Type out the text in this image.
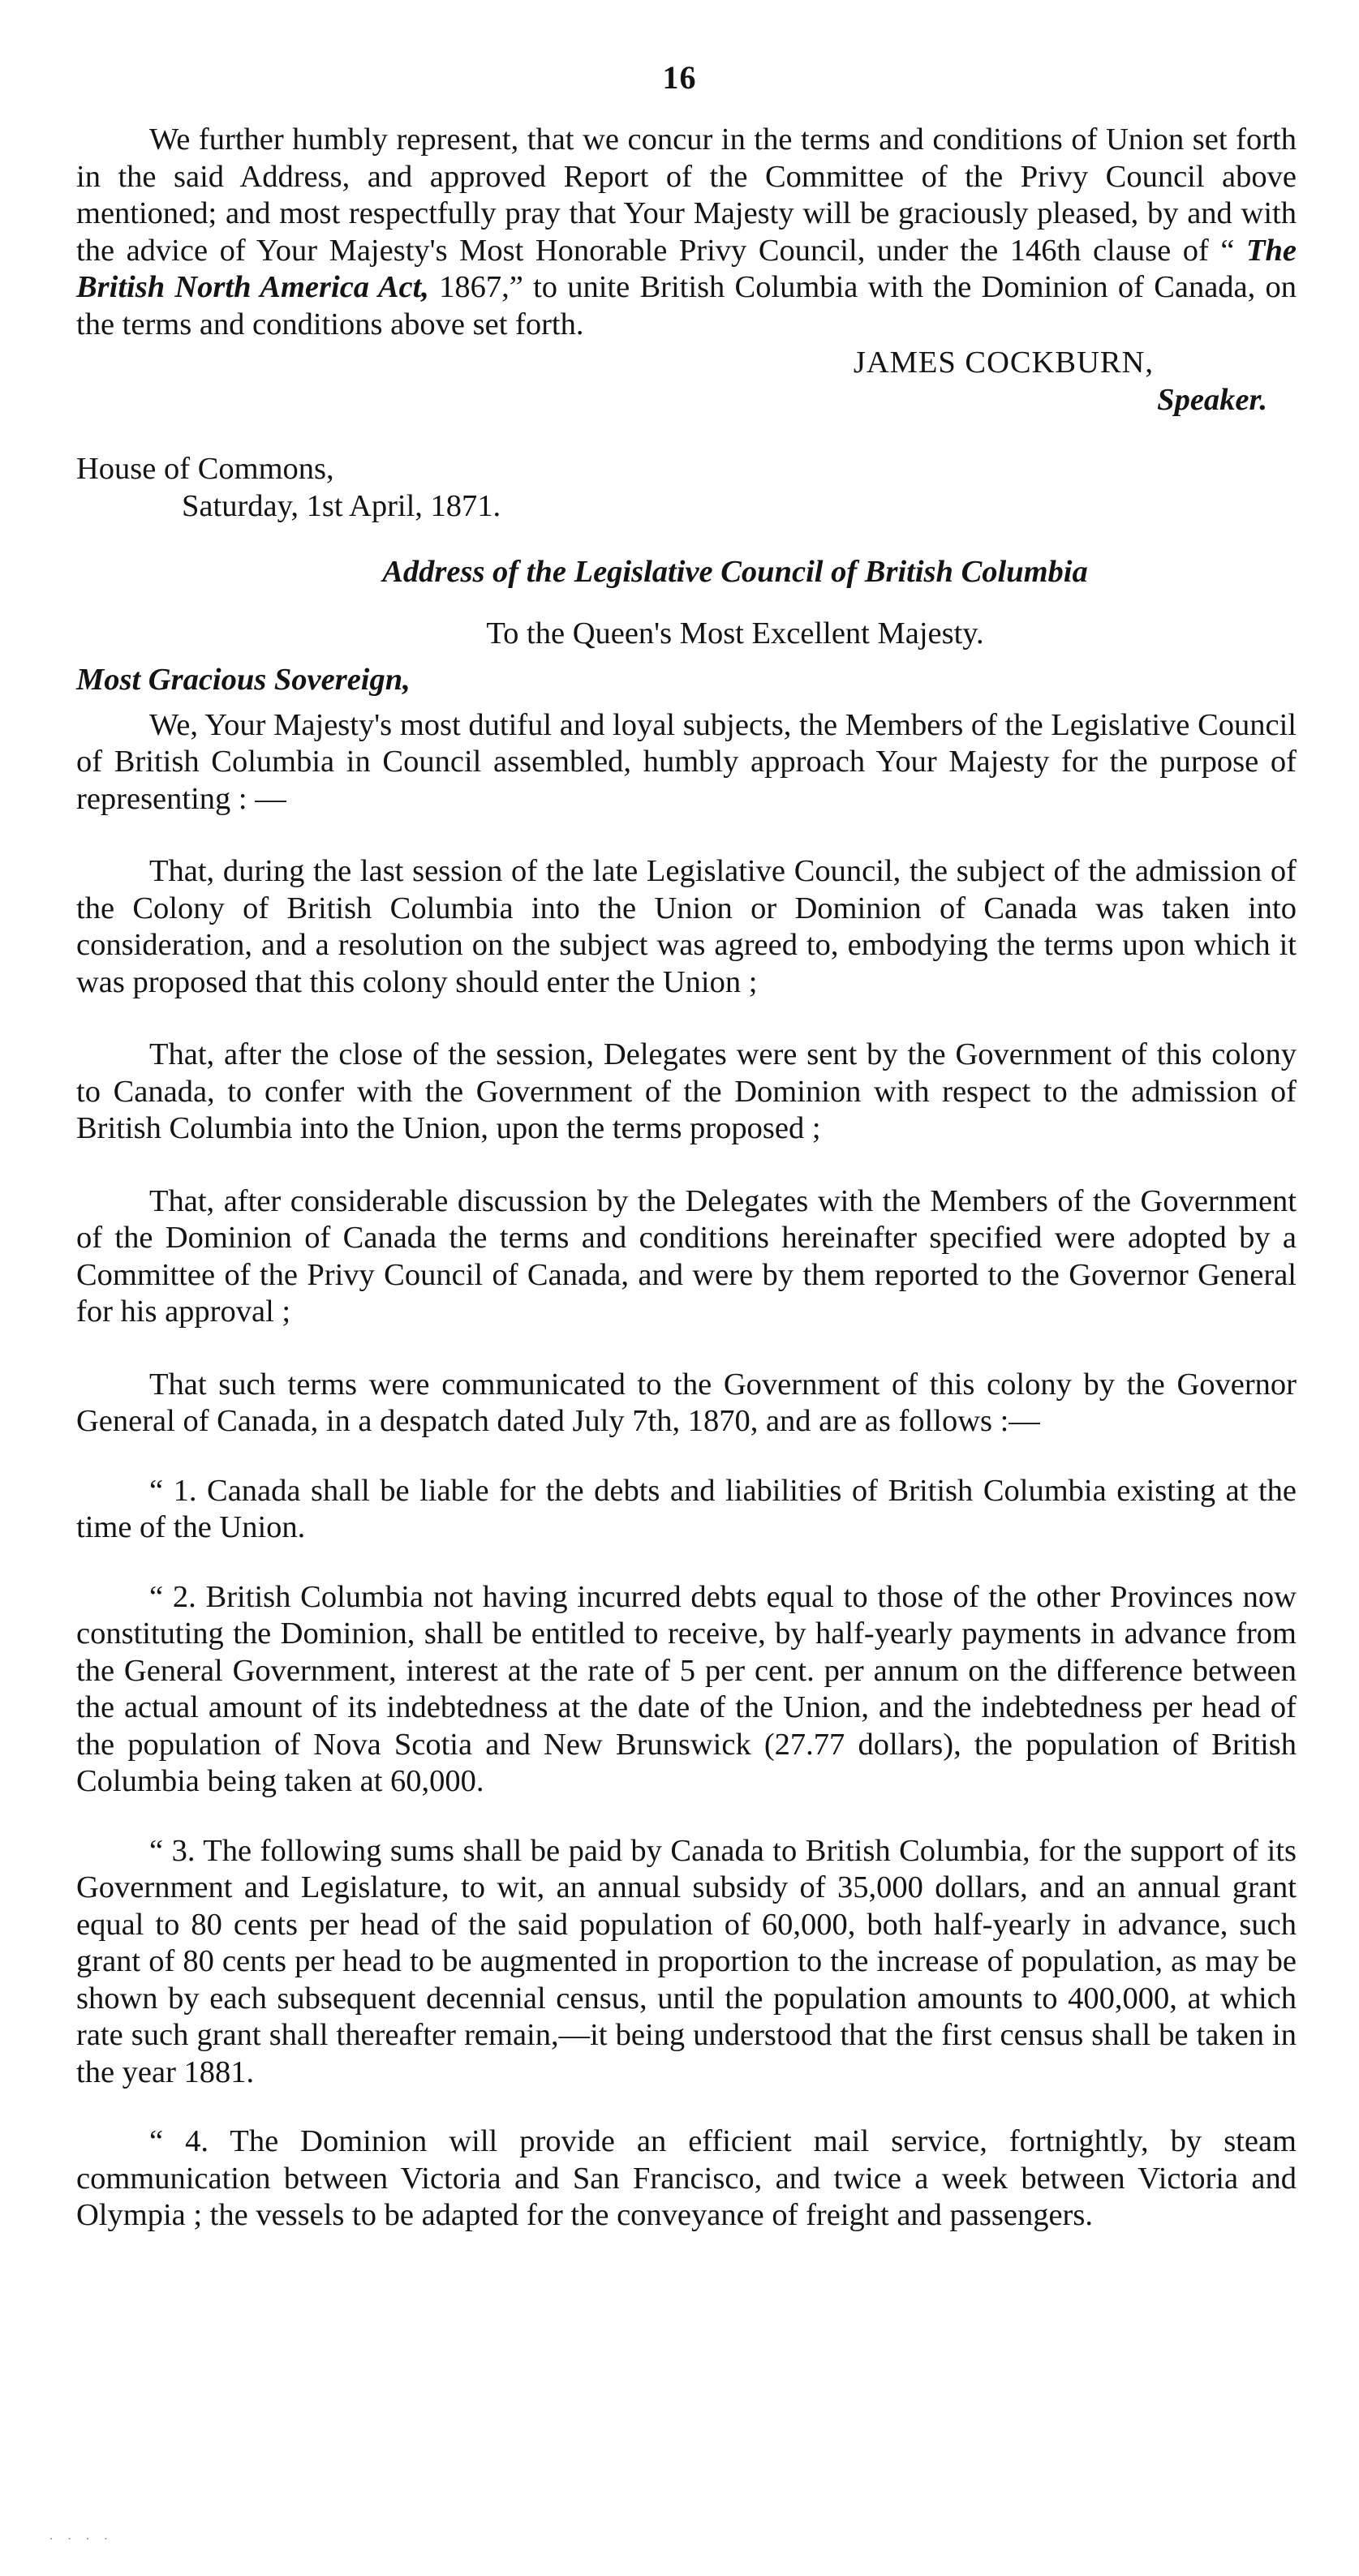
16

We further humbly represent, that we concur in the terms and conditions of Union set forth in the said Address, and approved Report of the Committee of the Privy Council above mentioned; and most respectfully pray that Your Majesty will be graciously pleased, by and with the advice of Your Majesty's Most Honorable Privy Council, under the 146th clause of “ The British North America Act, 1867,” to unite British Columbia with the Dominion of Canada, on the terms and conditions above set forth.

JAMES COCKBURN,

Speaker.

House of Commons,

Saturday, 1st April, 1871.

Address of the Legislative Council of British Columbia

To the Queen's Most Excellent Majesty.

Most Gracious Sovereign,

We, Your Majesty's most dutiful and loyal subjects, the Members of the Legislative Council of British Columbia in Council assembled, humbly approach Your Majesty for the purpose of representing : —

That, during the last session of the late Legislative Council, the subject of the admission of the Colony of British Columbia into the Union or Dominion of Canada was taken into consideration, and a resolution on the subject was agreed to, embodying the terms upon which it was proposed that this colony should enter the Union ;

That, after the close of the session, Delegates were sent by the Government of this colony to Canada, to confer with the Government of the Dominion with respect to the admission of British Columbia into the Union, upon the terms proposed ;

That, after considerable discussion by the Delegates with the Members of the Government of the Dominion of Canada the terms and conditions hereinafter specified were adopted by a Committee of the Privy Council of Canada, and were by them reported to the Governor General for his approval ;

That such terms were communicated to the Government of this colony by the Governor General of Canada, in a despatch dated July 7th, 1870, and are as follows :—

“ 1. Canada shall be liable for the debts and liabilities of British Columbia existing at the time of the Union.

“ 2. British Columbia not having incurred debts equal to those of the other Provinces now constituting the Dominion, shall be entitled to receive, by half-yearly payments in advance from the General Government, interest at the rate of 5 per cent. per annum on the difference between the actual amount of its indebtedness at the date of the Union, and the indebtedness per head of the population of Nova Scotia and New Brunswick (27.77 dollars), the population of British Columbia being taken at 60,000.

“ 3. The following sums shall be paid by Canada to British Columbia, for the support of its Government and Legislature, to wit, an annual subsidy of 35,000 dollars, and an annual grant equal to 80 cents per head of the said population of 60,000, both half-yearly in advance, such grant of 80 cents per head to be augmented in proportion to the increase of population, as may be shown by each subsequent decennial census, until the population amounts to 400,000, at which rate such grant shall thereafter remain,—it being understood that the first census shall be taken in the year 1881.

“ 4. The Dominion will provide an efficient mail service, fortnightly, by steam communication between Victoria and San Francisco, and twice a week between Victoria and Olympia ; the vessels to be adapted for the conveyance of freight and passengers.

· · · ·
